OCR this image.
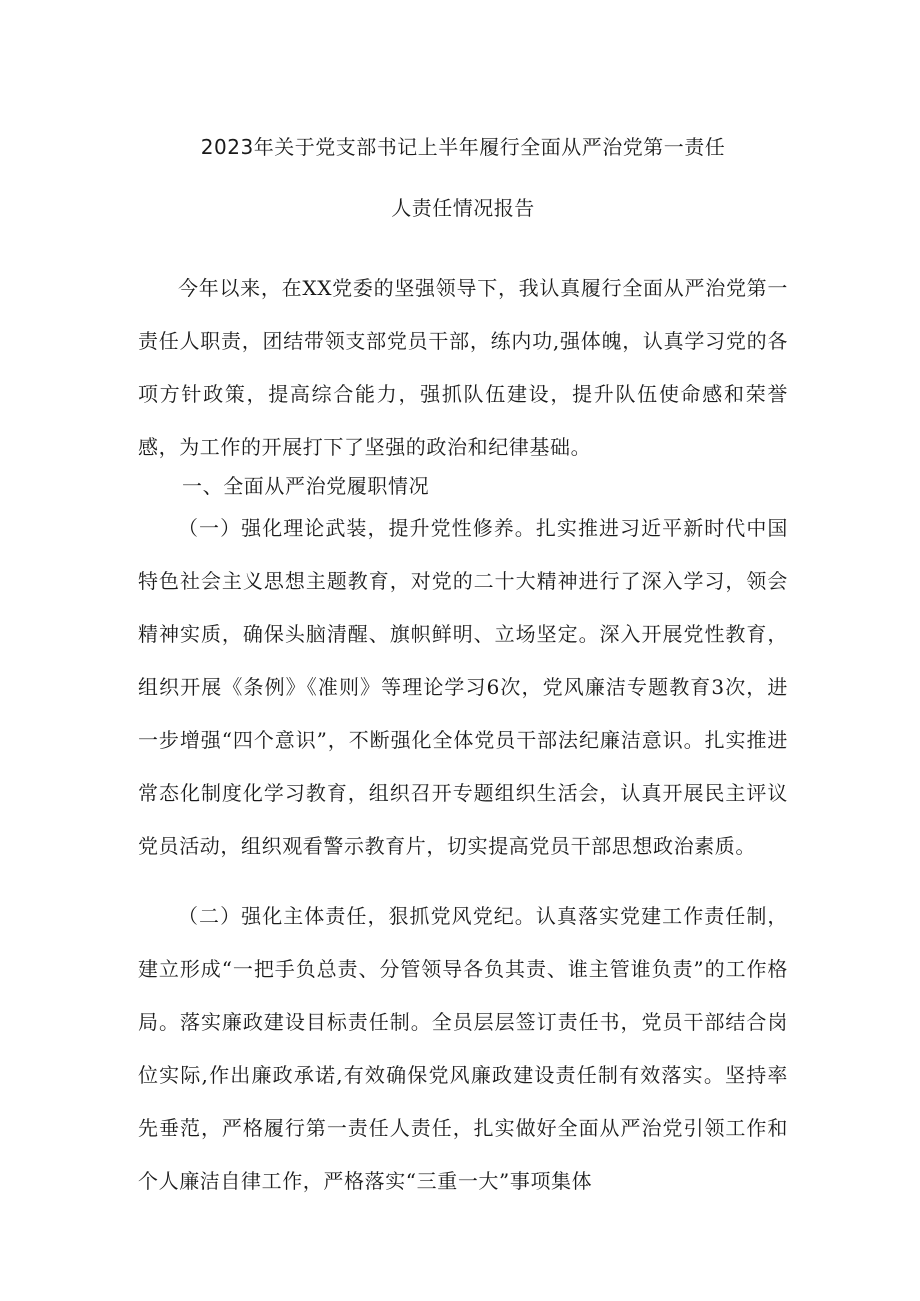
2023年关于党支部书记上半年履行全面从严治党第一责任
人责任情况报告

今年以来，在XX党委的坚强领导下，我认真履行全面从严治党第一责任人职责，团结带领支部党员干部，练内功,强体魄，认真学习党的各项方针政策，提高综合能力，强抓队伍建设，提升队伍使命感和荣誉感，为工作的开展打下了坚强的政治和纪律基础。

一、全面从严治党履职情况

（一）强化理论武装，提升党性修养。扎实推进习近平新时代中国特色社会主义思想主题教育，对党的二十大精神进行了深入学习，领会精神实质，确保头脑清醒、旗帜鲜明、立场坚定。深入开展党性教育，组织开展《条例》《准则》等理论学习6次，党风廉洁专题教育3次，进一步增强“四个意识”，不断强化全体党员干部法纪廉洁意识。扎实推进常态化制度化学习教育，组织召开专题组织生活会，认真开展民主评议党员活动，组织观看警示教育片，切实提高党员干部思想政治素质。

（二）强化主体责任，狠抓党风党纪。认真落实党建工作责任制，建立形成“一把手负总责、分管领导各负其责、谁主管谁负责”的工作格局。落实廉政建设目标责任制。全员层层签订责任书，党员干部结合岗位实际,作出廉政承诺,有效确保党风廉政建设责任制有效落实。坚持率先垂范，严格履行第一责任人责任，扎实做好全面从严治党引领工作和个人廉洁自律工作，严格落实“三重一大”事项集体
